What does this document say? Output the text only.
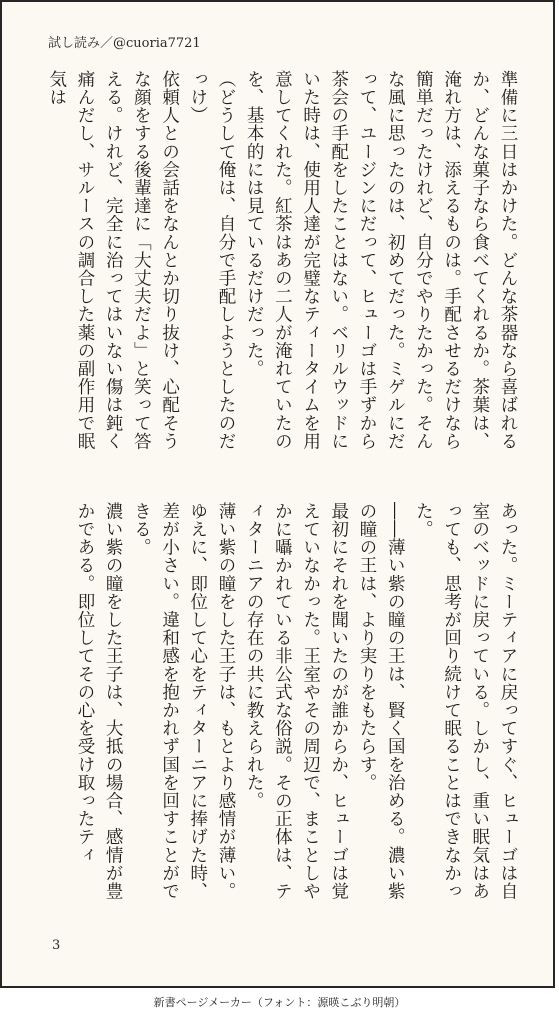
試し読み／@cuoria7721

準備に三日はかけた。どんな茶器なら喜ばれるか、どんな菓子なら食べてくれるか。茶葉は、淹れ方は、添えるものは。手配させるだけなら簡単だったけれど、自分でやりたかった。そんな風に思ったのは、初めてだった。ミゲルにだって、ユージンにだって、ヒューゴは手ずから茶会の手配をしたことはない。ベリルウッドにいた時は、使用人達が完璧なティータイムを用意してくれた。紅茶はあの二人が淹れていたのを、基本的には見ているだけだった。

（どうして俺は、自分で手配しようとしたのだっけ）

依頼人との会話をなんとか切り抜け、心配そうな顔をする後輩達に「大丈夫だよ」と笑って答える。けれど、完全に治ってはいない傷は鈍く痛んだし、サルースの調合した薬の副作用で眠気は

あった。ミーティアに戻ってすぐ、ヒューゴは自室のベッドに戻っている。しかし、重い眠気はあっても、思考が回り続けて眠ることはできなかった。

――薄い紫の瞳の王は、賢く国を治める。濃い紫の瞳の王は、より実りをもたらす。

最初にそれを聞いたのが誰からか、ヒューゴは覚えていなかった。王室やその周辺で、まことしやかに囁かれている非公式な俗説。その正体は、ティターニアの存在の共に教えられた。

薄い紫の瞳をした王子は、もとより感情が薄い。ゆえに、即位して心をティターニアに捧げた時、差が小さい。違和感を抱かれず国を回すことができる。

濃い紫の瞳をした王子は、大抵の場合、感情が豊かである。即位してその心を受け取ったティ

3
新書ページメーカー（フォント：源暎こぶり明朝）
